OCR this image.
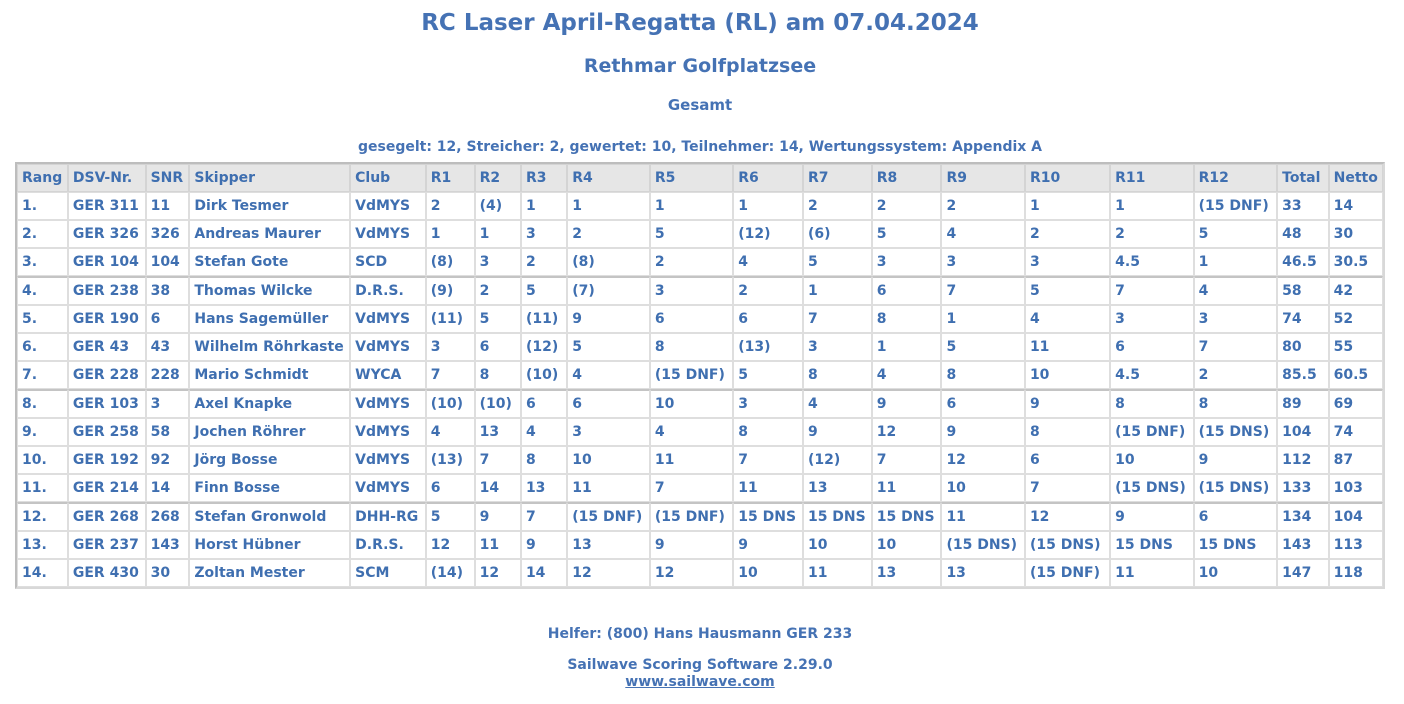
RC Laser April-Regatta (RL) am 07.04.2024
Rethmar Golfplatzsee
Gesamt
gesegelt: 12, Streicher: 2, gewertet: 10, Teilnehmer: 14, Wertungssystem: Appendix A
Rang	DSV-Nr.	SNR	Skipper	Club	R1	R2	R3	R4	R5	R6	R7	R8	R9	R10	R11	R12	Total	Netto
1.	GER 311	11	Dirk Tesmer	VdMYS	2	(4)	1	1	1	1	2	2	2	1	1	(15 DNF)	33	14
2.	GER 326	326	Andreas Maurer	VdMYS	1	1	3	2	5	(12)	(6)	5	4	2	2	5	48	30
3.	GER 104	104	Stefan Gote	SCD	(8)	3	2	(8)	2	4	5	3	3	3	4.5	1	46.5	30.5
4.	GER 238	38	Thomas Wilcke	D.R.S.	(9)	2	5	(7)	3	2	1	6	7	5	7	4	58	42
5.	GER 190	6	Hans Sagemüller	VdMYS	(11)	5	(11)	9	6	6	7	8	1	4	3	3	74	52
6.	GER 43	43	Wilhelm Röhrkaste	VdMYS	3	6	(12)	5	8	(13)	3	1	5	11	6	7	80	55
7.	GER 228	228	Mario Schmidt	WYCA	7	8	(10)	4	(15 DNF)	5	8	4	8	10	4.5	2	85.5	60.5
8.	GER 103	3	Axel Knapke	VdMYS	(10)	(10)	6	6	10	3	4	9	6	9	8	8	89	69
9.	GER 258	58	Jochen Röhrer	VdMYS	4	13	4	3	4	8	9	12	9	8	(15 DNF)	(15 DNS)	104	74
10.	GER 192	92	Jörg Bosse	VdMYS	(13)	7	8	10	11	7	(12)	7	12	6	10	9	112	87
11.	GER 214	14	Finn Bosse	VdMYS	6	14	13	11	7	11	13	11	10	7	(15 DNS)	(15 DNS)	133	103
12.	GER 268	268	Stefan Gronwold	DHH-RG	5	9	7	(15 DNF)	(15 DNF)	15 DNS	15 DNS	15 DNS	11	12	9	6	134	104
13.	GER 237	143	Horst Hübner	D.R.S.	12	11	9	13	9	9	10	10	(15 DNS)	(15 DNS)	15 DNS	15 DNS	143	113
14.	GER 430	30	Zoltan Mester	SCM	(14)	12	14	12	12	10	11	13	13	(15 DNF)	11	10	147	118
Helfer: (800) Hans Hausmann GER 233
Sailwave Scoring Software 2.29.0
www.sailwave.com
